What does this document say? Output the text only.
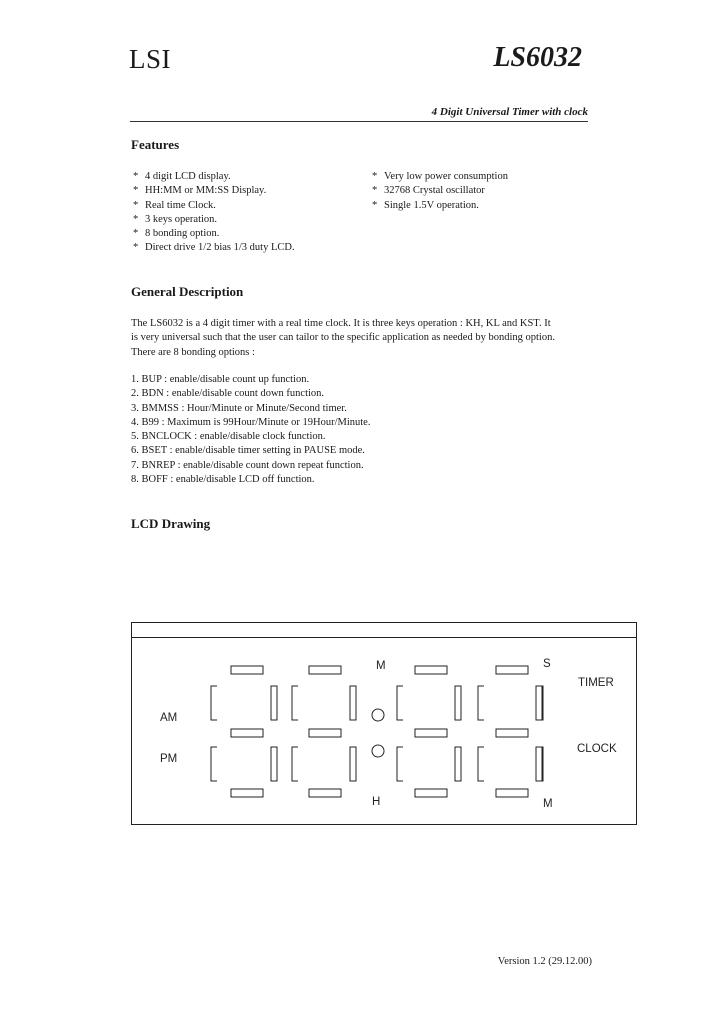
LSI	LS6032
4 Digit Universal Timer with clock
Features
* 4 digit LCD display.
* HH:MM or MM:SS Display.
* Real time Clock.
* 3 keys operation.
* 8 bonding option.
* Direct drive 1/2 bias 1/3 duty LCD.
* Very low power consumption
* 32768 Crystal oscillator
* Single 1.5V operation.
General Description
The LS6032 is a 4 digit timer with a real time clock. It is three keys operation : KH, KL and KST. It
is very universal such that the user can tailor to the specific application as needed by bonding option.
There are 8 bonding options :
1. BUP : enable/disable count up function.
2. BDN : enable/disable count down function.
3. BMMSS : Hour/Minute or Minute/Second timer.
4. B99 : Maximum is 99Hour/Minute or 19Hour/Minute.
5. BNCLOCK : enable/disable clock function.
6. BSET : enable/disable timer setting in PAUSE mode.
7. BNREP : enable/disable count down repeat function.
8. BOFF : enable/disable LCD off function.
LCD Drawing
M	S
TIMER
AM
CLOCK
PM
H	M
Version 1.2 (29.12.00)
